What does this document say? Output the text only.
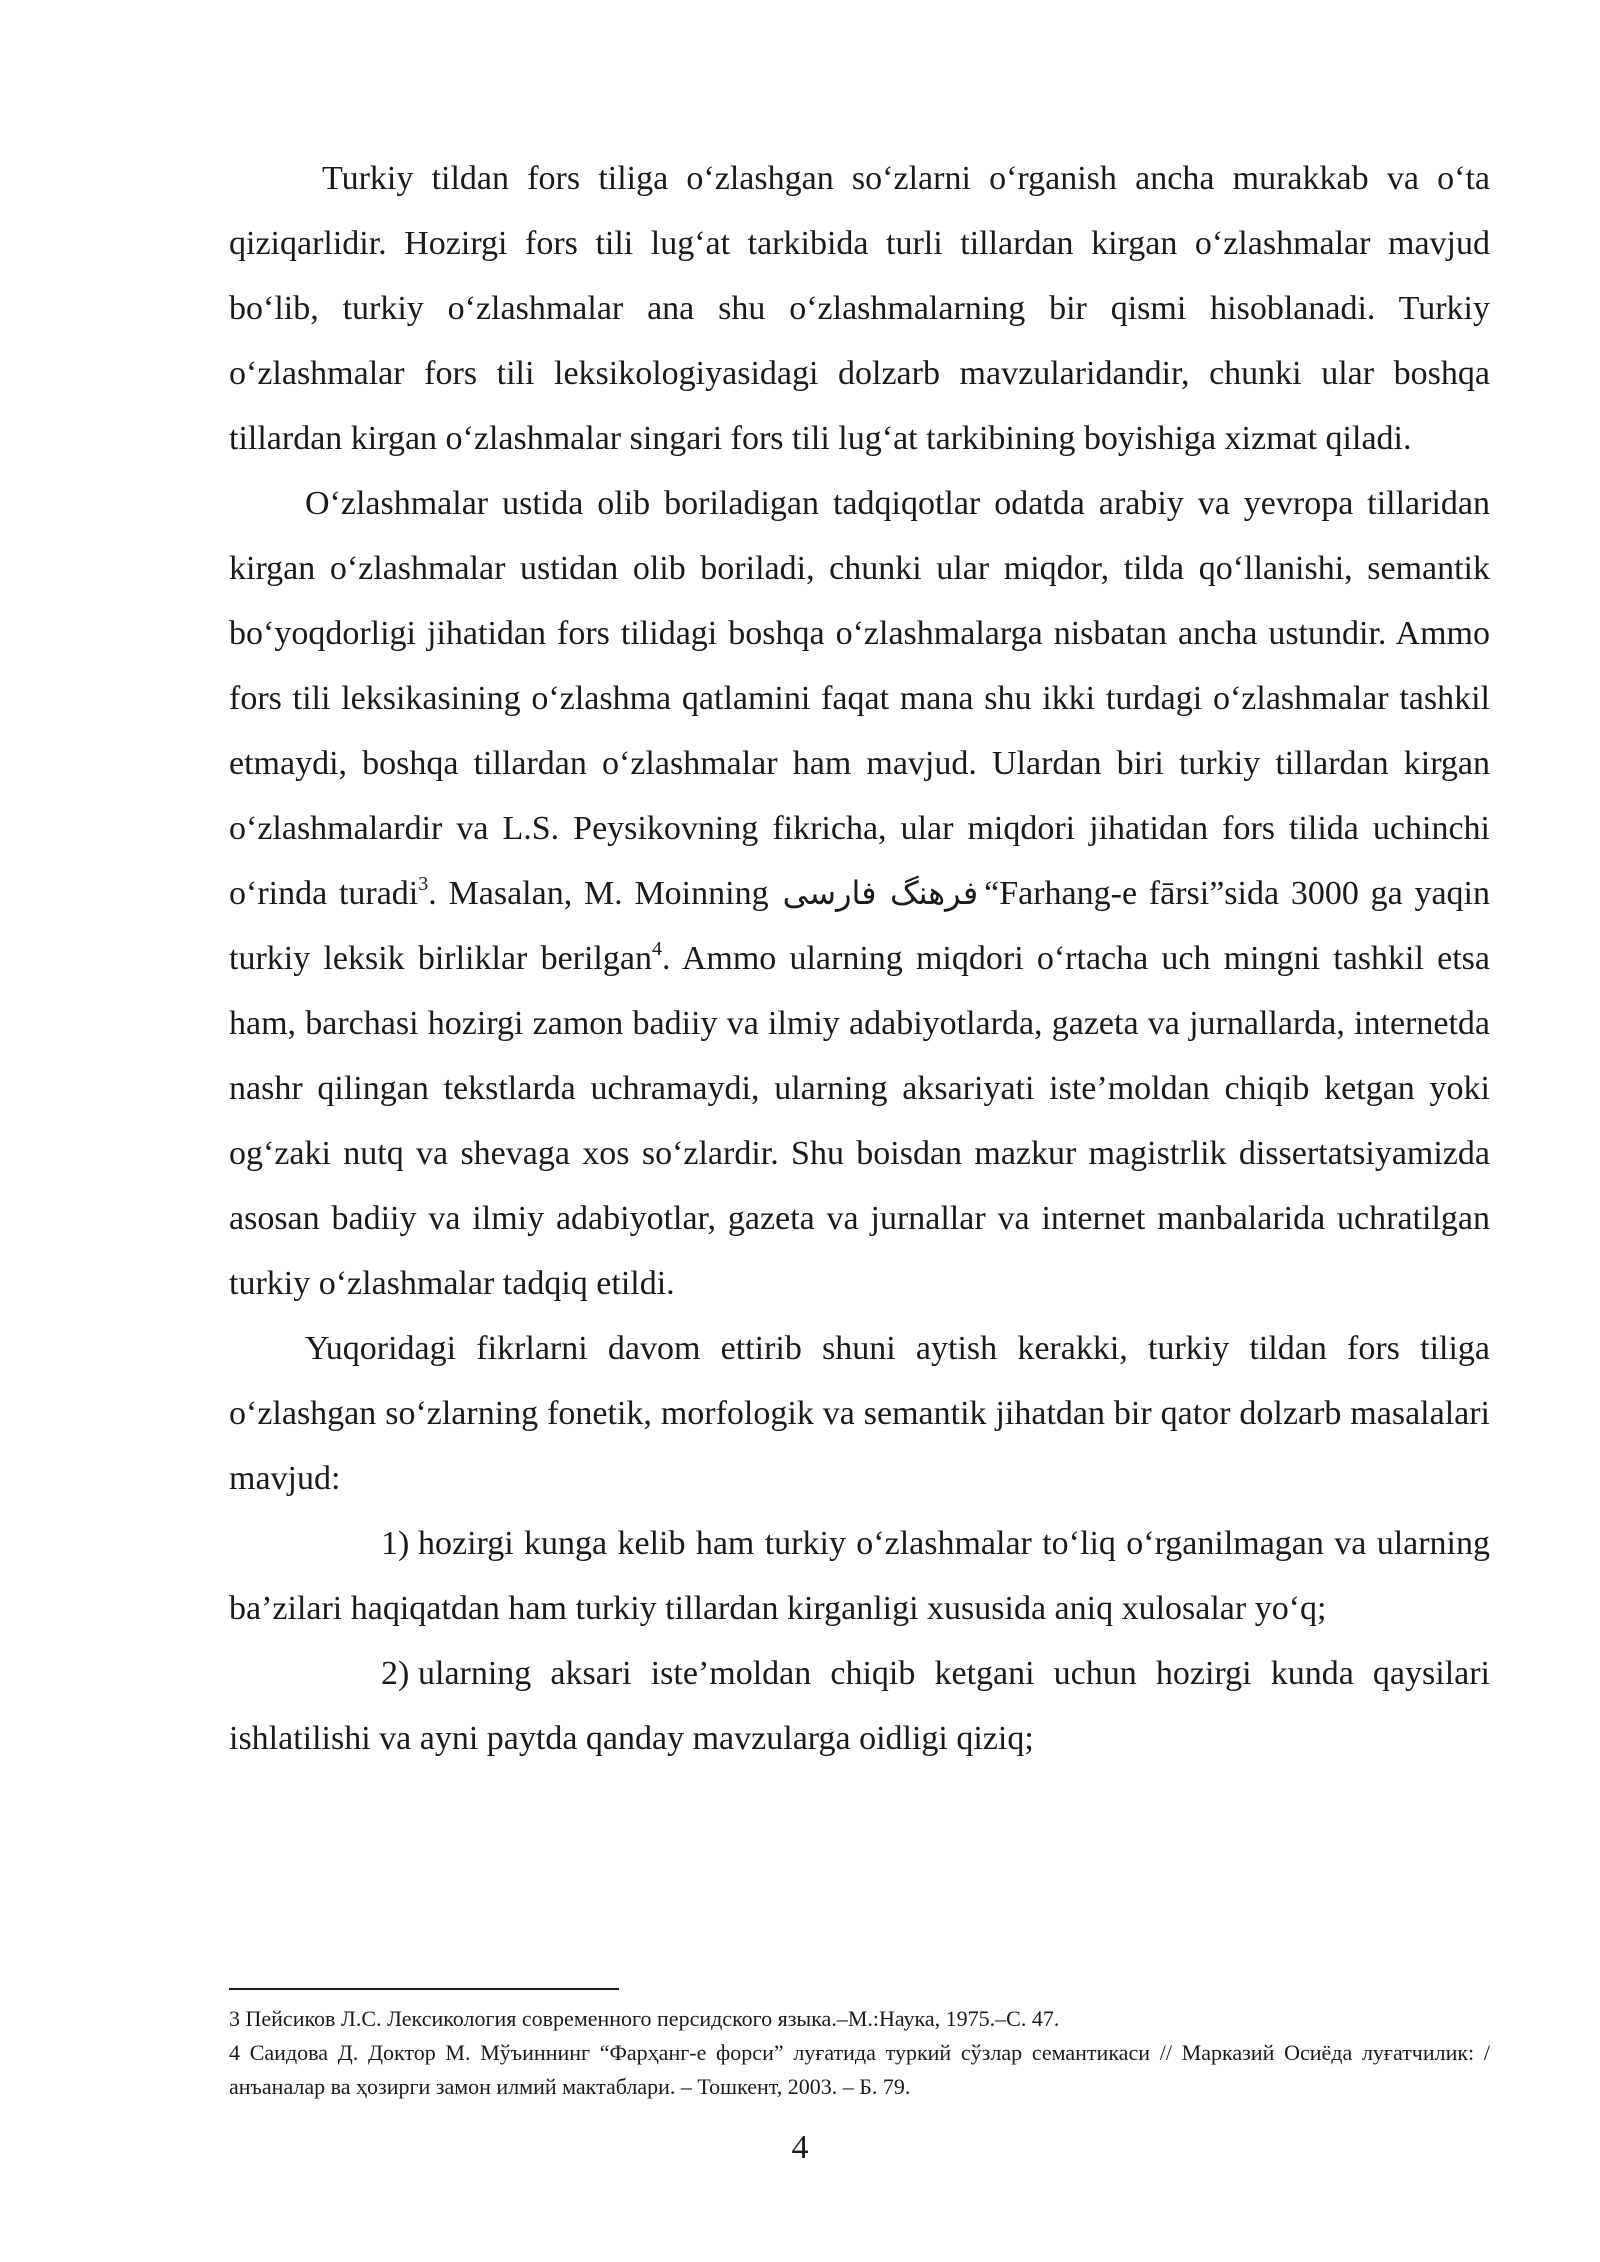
Turkiy tildan fors tiliga o‘zlashgan so‘zlarni o‘rganish ancha murakkab va o‘ta qiziqarlidir. Hozirgi fors tili lug‘at tarkibida turli tillardan kirgan o‘zlashmalar mavjud bo‘lib, turkiy o‘zlashmalar ana shu o‘zlashmalarning bir qismi hisoblanadi. Turkiy o‘zlashmalar fors tili leksikologiyasidagi dolzarb mavzularidandir, chunki ular boshqa tillardan kirgan o‘zlashmalar singari fors tili lug‘at tarkibining boyishiga xizmat qiladi.

O‘zlashmalar ustida olib boriladigan tadqiqotlar odatda arabiy va yevropa tillaridan kirgan o‘zlashmalar ustidan olib boriladi, chunki ular miqdor, tilda qo‘llanishi, semantik bo‘yoqdorligi jihatidan fors tilidagi boshqa o‘zlashmalarga nisbatan ancha ustundir. Ammo fors tili leksikasining o‘zlashma qatlamini faqat mana shu ikki turdagi o‘zlashmalar tashkil etmaydi, boshqa tillardan o‘zlashmalar ham mavjud. Ulardan biri turkiy tillardan kirgan o‘zlashmalardir va L.S. Peysikovning fikricha, ular miqdori jihatidan fors tilida uchinchi o‘rinda turadi$^3$. Masalan, M. Moinning فرهنگ فارسی “Farhang-e fārsi”sida 3000 ga yaqin turkiy leksik birliklar berilgan$^4$. Ammo ularning miqdori o‘rtacha uch mingni tashkil etsa ham, barchasi hozirgi zamon badiiy va ilmiy adabiyotlarda, gazeta va jurnallarda, internetda nashr qilingan tekstlarda uchramaydi, ularning aksariyati iste’moldan chiqib ketgan yoki og‘zaki nutq va shevaga xos so‘zlardir. Shu boisdan mazkur magistrlik dissertatsiyamizda asosan badiiy va ilmiy adabiyotlar, gazeta va jurnallar va internet manbalarida uchratilgan turkiy o‘zlashmalar tadqiq etildi.

Yuqoridagi fikrlarni davom ettirib shuni aytish kerakki, turkiy tildan fors tiliga o‘zlashgan so‘zlarning fonetik, morfologik va semantik jihatdan bir qator dolzarb masalalari mavjud:

1) hozirgi kunga kelib ham turkiy o‘zlashmalar to‘liq o‘rganilmagan va ularning ba’zilari haqiqatdan ham turkiy tillardan kirganligi xususida aniq xulosalar yo‘q;

2) ularning aksari iste’moldan chiqib ketgani uchun hozirgi kunda qaysilari ishlatilishi va ayni paytda qanday mavzularga oidligi qiziq;

3 Пейсиков Л.С. Лексикология современного персидского языка.–М.:Наука, 1975.–С. 47.

4 Саидова Д. Доктор М. Мўъиннинг “Фарҳанг-е форси” луғатида туркий сўзлар семантикаси // Марказий Осиёда луғатчилик: / анъаналар ва ҳозирги замон илмий мактаблари. – Тошкент, 2003. – Б. 79.

4
